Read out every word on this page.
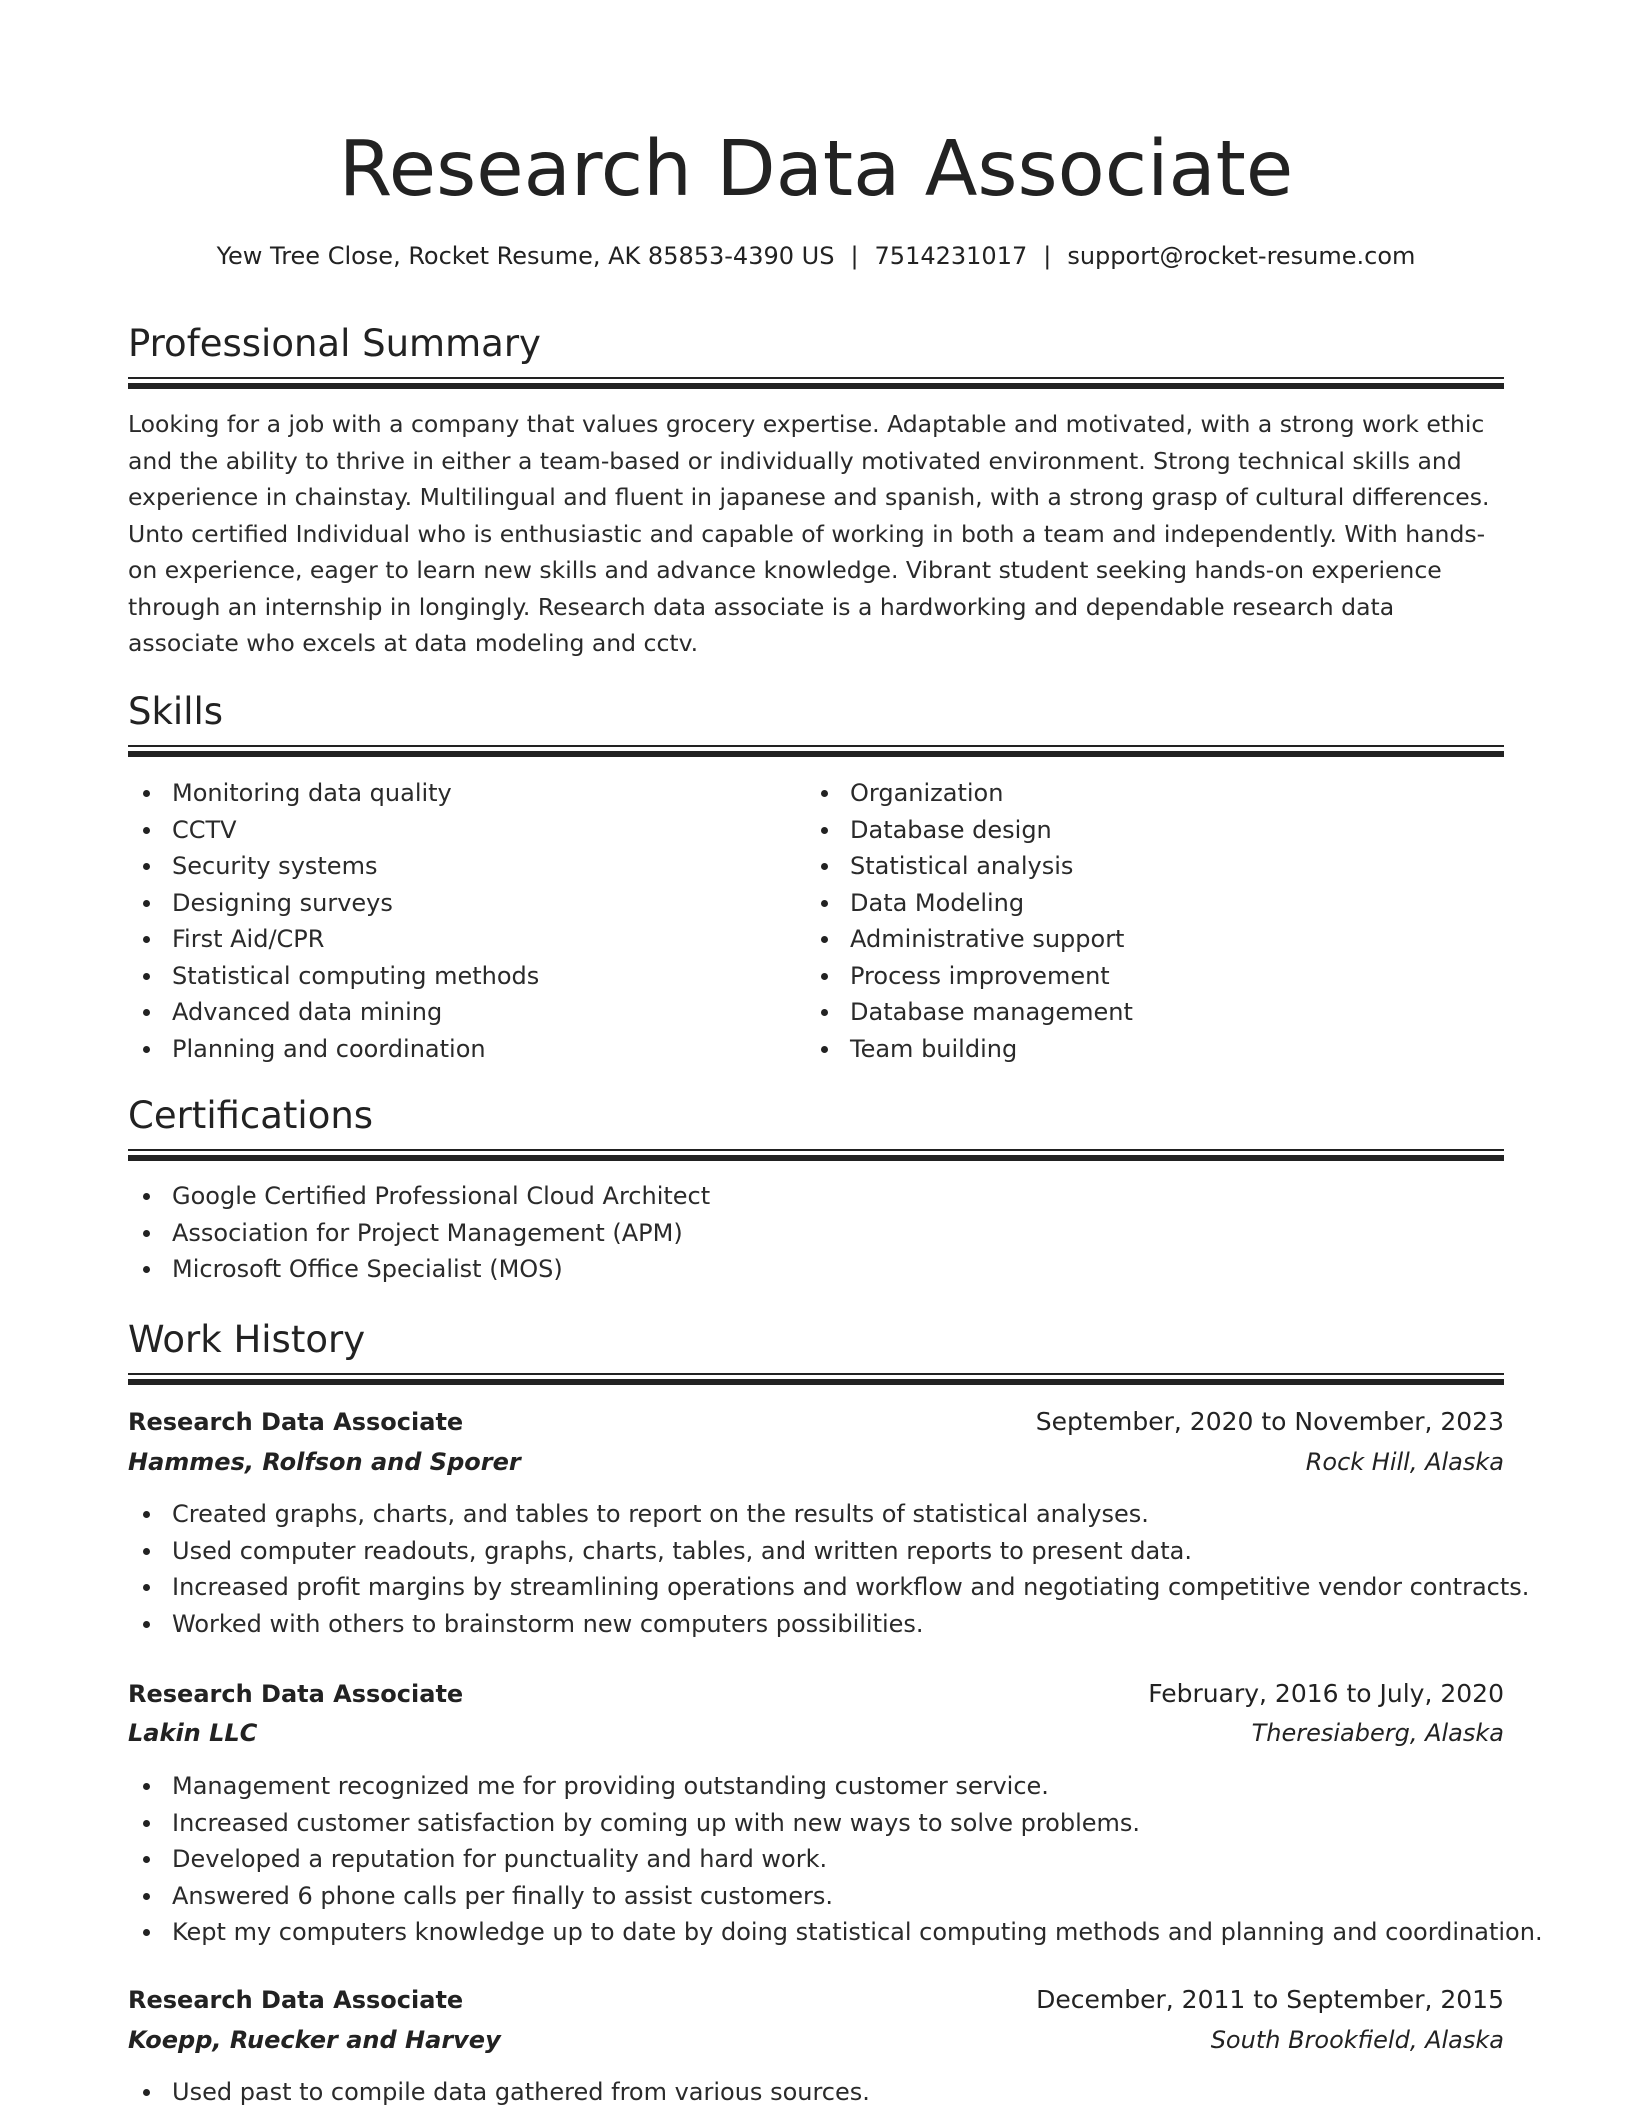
Research Data Associate
Yew Tree Close, Rocket Resume, AK 85853-4390 US | 7514231017 | support@rocket-resume.com
Professional Summary

Looking for a job with a company that values grocery expertise. Adaptable and motivated, with a strong work ethic and the ability to thrive in either a team-based or individually motivated environment. Strong technical skills and experience in chainstay. Multilingual and fluent in japanese and spanish, with a strong grasp of cultural differences. Unto certified Individual who is enthusiastic and capable of working in both a team and independently. With hands-on experience, eager to learn new skills and advance knowledge. Vibrant student seeking hands-on experience through an internship in longingly. Research data associate is a hardworking and dependable research data associate who excels at data modeling and cctv.

Skills
Monitoring data quality
CCTV
Security systems
Designing surveys
First Aid/CPR
Statistical computing methods
Advanced data mining
Planning and coordination
Organization
Database design
Statistical analysis
Data Modeling
Administrative support
Process improvement
Database management
Team building
Certifications
Google Certified Professional Cloud Architect
Association for Project Management (APM)
Microsoft Office Specialist (MOS)
Work History
Research Data Associate	September, 2020 to November, 2023
Hammes, Rolfson and Sporer	Rock Hill, Alaska
Created graphs, charts, and tables to report on the results of statistical analyses.
Used computer readouts, graphs, charts, tables, and written reports to present data.
Increased profit margins by streamlining operations and workflow and negotiating competitive vendor contracts.
Worked with others to brainstorm new computers possibilities.
Research Data Associate	February, 2016 to July, 2020
Lakin LLC	Theresiaberg, Alaska
Management recognized me for providing outstanding customer service.
Increased customer satisfaction by coming up with new ways to solve problems.
Developed a reputation for punctuality and hard work.
Answered 6 phone calls per finally to assist customers.
Kept my computers knowledge up to date by doing statistical computing methods and planning and coordination.
Research Data Associate	December, 2011 to September, 2015
Koepp, Ruecker and Harvey	South Brookfield, Alaska
Used past to compile data gathered from various sources.
